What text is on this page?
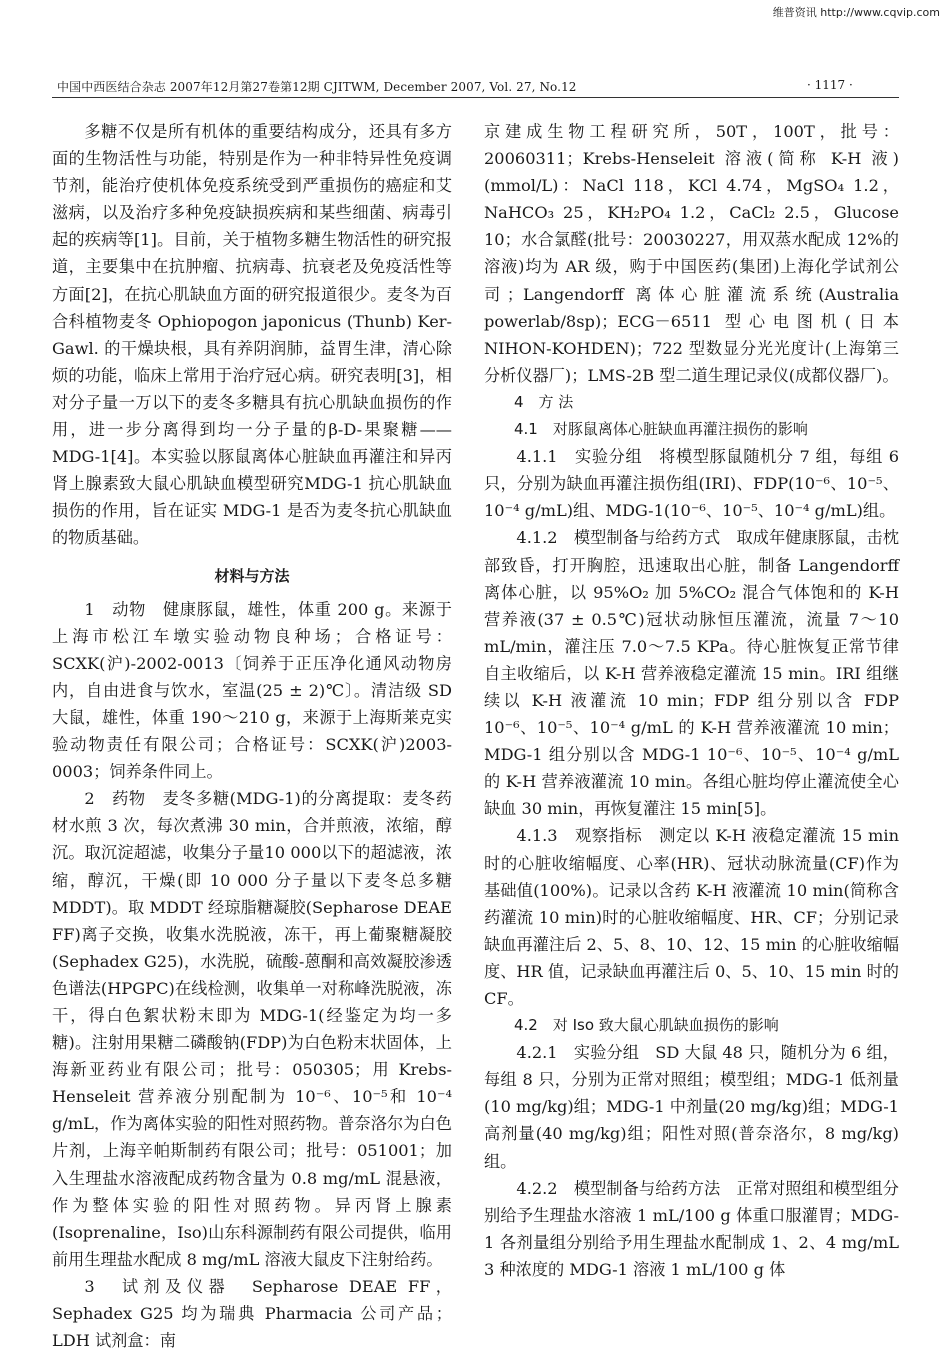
维普资讯 http://www.cqvip.com
中国中西医结合杂志 2007年12月第27卷第12期 CJITWM, December 2007, Vol. 27, No.12	· 1117 ·

多糖不仅是所有机体的重要结构成分，还具有多方面的生物活性与功能，特别是作为一种非特异性免疫调节剂，能治疗使机体免疫系统受到严重损伤的癌症和艾滋病，以及治疗多种免疫缺损疾病和某些细菌、病毒引起的疾病等[1]。目前，关于植物多糖生物活性的研究报道，主要集中在抗肿瘤、抗病毒、抗衰老及免疫活性等方面[2]，在抗心肌缺血方面的研究报道很少。麦冬为百合科植物麦冬 Ophiopogon japonicus (Thunb) Ker-Gawl. 的干燥块根，具有养阴润肺，益胃生津，清心除烦的功能，临床上常用于治疗冠心病。研究表明[3]，相对分子量一万以下的麦冬多糖具有抗心肌缺血损伤的作用，进一步分离得到均一分子量的β-D-果聚糖——MDG-1[4]。本实验以豚鼠离体心脏缺血再灌注和异丙肾上腺素致大鼠心肌缺血模型研究MDG-1 抗心肌缺血损伤的作用，旨在证实 MDG-1 是否为麦冬抗心肌缺血的物质基础。

材料与方法

1　动物　健康豚鼠，雄性，体重 200 g。来源于上海市松江车墩实验动物良种场；合格证号：SCXK(沪)-2002-0013〔饲养于正压净化通风动物房内，自由进食与饮水，室温(25 ± 2)℃〕。清洁级 SD 大鼠，雄性，体重 190～210 g，来源于上海斯莱克实验动物责任有限公司；合格证号：SCXK(沪)2003-0003；饲养条件同上。

2　药物　麦冬多糖(MDG-1)的分离提取：麦冬药材水煎 3 次，每次煮沸 30 min，合并煎液，浓缩，醇沉。取沉淀超滤，收集分子量10 000以下的超滤液，浓缩，醇沉，干燥(即 10 000 分子量以下麦冬总多糖 MDDT)。取 MDDT 经琼脂糖凝胶(Sepharose DEAE FF)离子交换，收集水洗脱液，冻干，再上葡聚糖凝胶(Sephadex G25)，水洗脱，硫酸-蒽酮和高效凝胶渗透色谱法(HPGPC)在线检测，收集单一对称峰洗脱液，冻干，得白色絮状粉末即为 MDG-1(经鉴定为均一多糖)。注射用果糖二磷酸钠(FDP)为白色粉末状固体，上海新亚药业有限公司；批号：050305；用 Krebs-Henseleit 营养液分别配制为 10⁻⁶、10⁻⁵和 10⁻⁴ g/mL，作为离体实验的阳性对照药物。普奈洛尔为白色片剂，上海辛帕斯制药有限公司；批号：051001；加入生理盐水溶液配成药物含量为 0.8 mg/mL 混悬液，作为整体实验的阳性对照药物。异丙肾上腺素(Isoprenaline，Iso)山东科源制药有限公司提供，临用前用生理盐水配成 8 mg/mL 溶液大鼠皮下注射给药。

3　试剂及仪器　Sepharose DEAE FF，Sephadex G25 均为瑞典 Pharmacia 公司产品；LDH 试剂盒：南

京建成生物工程研究所，50T，100T，批号：20060311；Krebs-Henseleit 溶液(简称 K-H 液)(mmol/L)：NaCl 118，KCl 4.74，MgSO₄ 1.2，NaHCO₃ 25，KH₂PO₄ 1.2，CaCl₂ 2.5，Glucose 10；水合氯醛(批号：20030227，用双蒸水配成 12%的溶液)均为 AR 级，购于中国医药(集团)上海化学试剂公司；Langendorff 离体心脏灌流系统(Australia powerlab/8sp)；ECG－6511 型心电图机(日本 NIHON-KOHDEN)；722 型数显分光光度计(上海第三分析仪器厂)；LMS-2B 型二道生理记录仪(成都仪器厂)。

4　方 法

4.1　对豚鼠离体心脏缺血再灌注损伤的影响

4.1.1　实验分组　将模型豚鼠随机分 7 组，每组 6 只，分别为缺血再灌注损伤组(IRI)、FDP(10⁻⁶、10⁻⁵、10⁻⁴ g/mL)组、MDG-1(10⁻⁶、10⁻⁵、10⁻⁴ g/mL)组。

4.1.2　模型制备与给药方式　取成年健康豚鼠，击枕部致昏，打开胸腔，迅速取出心脏，制备 Langendorff 离体心脏，以 95%O₂ 加 5%CO₂ 混合气体饱和的 K-H 营养液(37 ± 0.5℃)冠状动脉恒压灌流，流量 7～10 mL/min，灌注压 7.0～7.5 KPa。待心脏恢复正常节律自主收缩后，以 K-H 营养液稳定灌流 15 min。IRI 组继续以 K-H 液灌流 10 min；FDP 组分别以含 FDP 10⁻⁶、10⁻⁵、10⁻⁴ g/mL 的 K-H 营养液灌流 10 min；MDG-1 组分别以含 MDG-1 10⁻⁶、10⁻⁵、10⁻⁴ g/mL 的 K-H 营养液灌流 10 min。各组心脏均停止灌流使全心缺血 30 min，再恢复灌注 15 min[5]。

4.1.3　观察指标　测定以 K-H 液稳定灌流 15 min 时的心脏收缩幅度、心率(HR)、冠状动脉流量(CF)作为基础值(100%)。记录以含药 K-H 液灌流 10 min(简称含药灌流 10 min)时的心脏收缩幅度、HR、CF；分别记录缺血再灌注后 2、5、8、10、12、15 min 的心脏收缩幅度、HR 值，记录缺血再灌注后 0、5、10、15 min 时的 CF。

4.2　对 Iso 致大鼠心肌缺血损伤的影响

4.2.1　实验分组　SD 大鼠 48 只，随机分为 6 组，每组 8 只，分别为正常对照组；模型组；MDG-1 低剂量(10 mg/kg)组；MDG-1 中剂量(20 mg/kg)组；MDG-1 高剂量(40 mg/kg)组；阳性对照(普奈洛尔，8 mg/kg)组。

4.2.2　模型制备与给药方法　正常对照组和模型组分别给予生理盐水溶液 1 mL/100 g 体重口服灌胃；MDG-1 各剂量组分别给予用生理盐水配制成 1、2、4 mg/mL 3 种浓度的 MDG-1 溶液 1 mL/100 g 体
